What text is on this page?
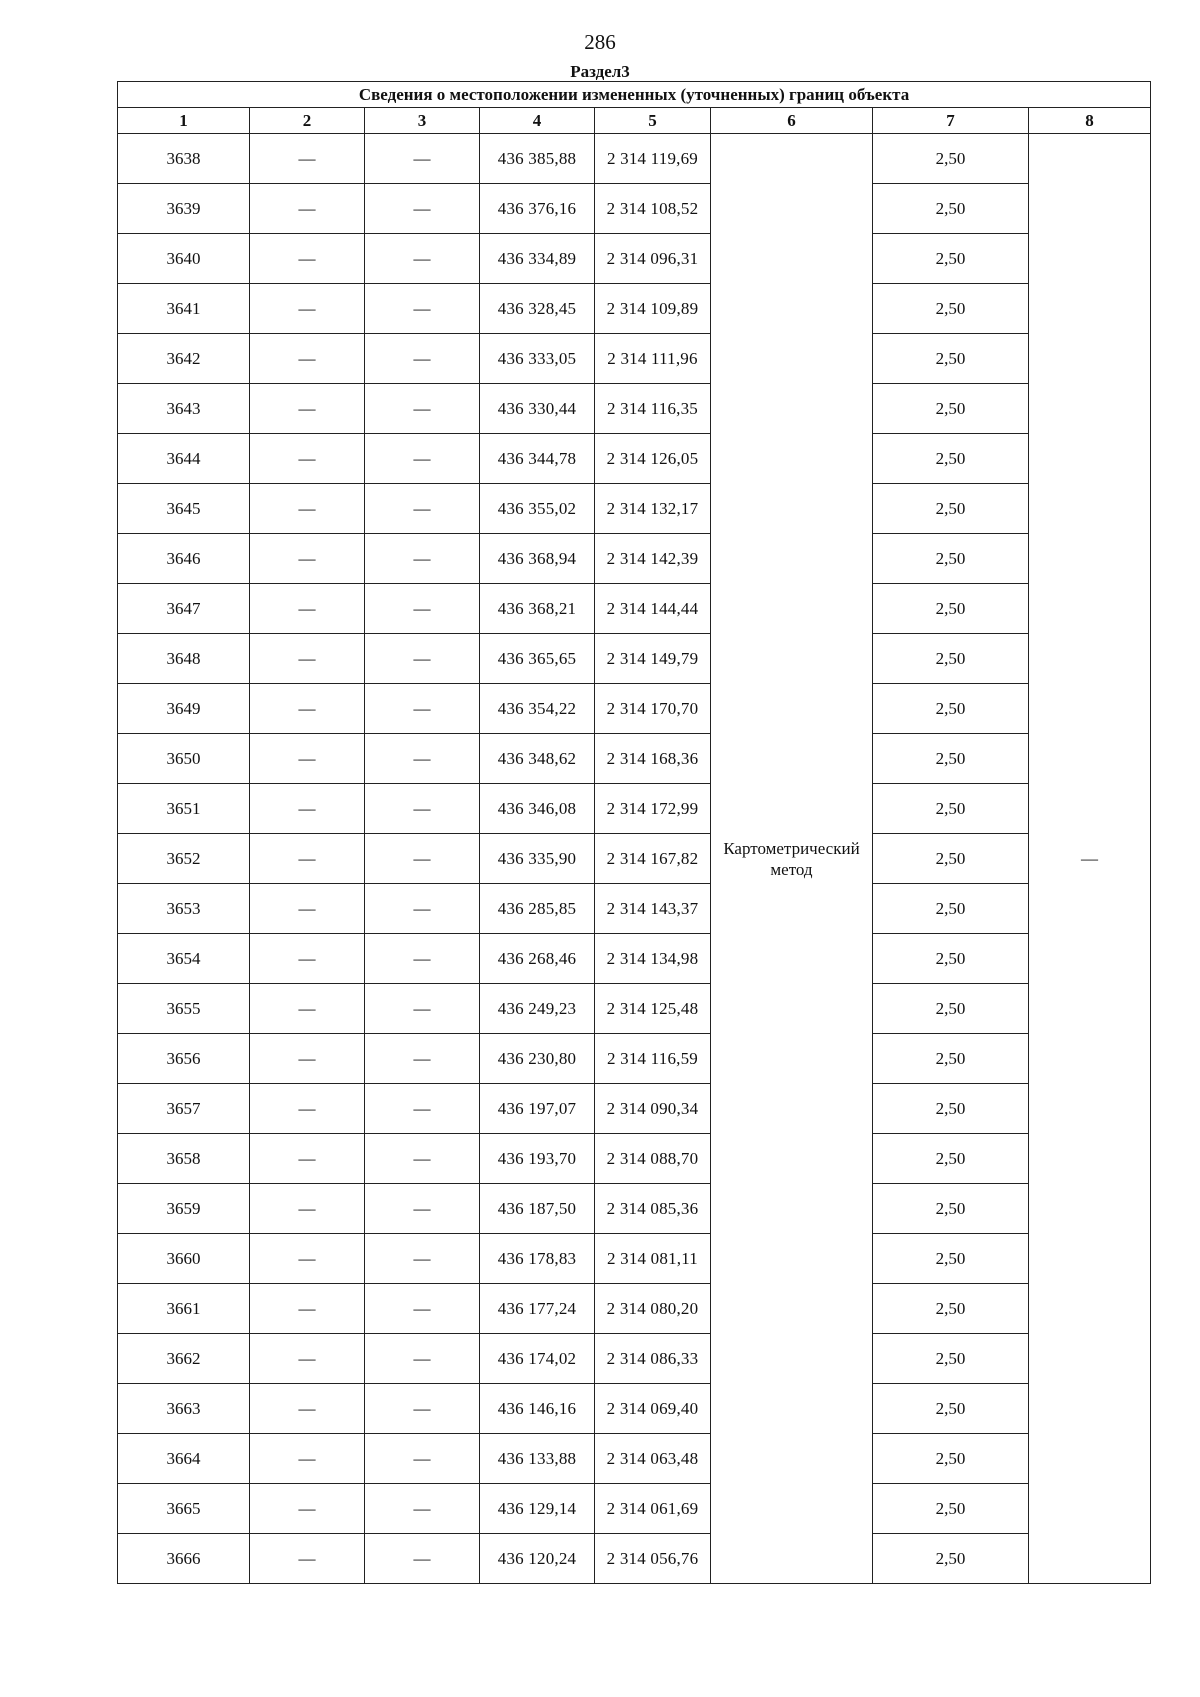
286
Раздел3
Сведения о местоположении измененных (уточненных) границ объекта							
1	2	3	4	5	6	7	8
3638	—	—	436 385,88	2 314 119,69	Картометрический метод	2,50	—
3639	—	—	436 376,16	2 314 108,52		2,50	
3640	—	—	436 334,89	2 314 096,31		2,50	
3641	—	—	436 328,45	2 314 109,89		2,50	
3642	—	—	436 333,05	2 314 111,96		2,50	
3643	—	—	436 330,44	2 314 116,35		2,50	
3644	—	—	436 344,78	2 314 126,05		2,50	
3645	—	—	436 355,02	2 314 132,17		2,50	
3646	—	—	436 368,94	2 314 142,39		2,50	
3647	—	—	436 368,21	2 314 144,44		2,50	
3648	—	—	436 365,65	2 314 149,79		2,50	
3649	—	—	436 354,22	2 314 170,70		2,50	
3650	—	—	436 348,62	2 314 168,36		2,50	
3651	—	—	436 346,08	2 314 172,99		2,50	
3652	—	—	436 335,90	2 314 167,82		2,50	
3653	—	—	436 285,85	2 314 143,37		2,50	
3654	—	—	436 268,46	2 314 134,98		2,50	
3655	—	—	436 249,23	2 314 125,48		2,50	
3656	—	—	436 230,80	2 314 116,59		2,50	
3657	—	—	436 197,07	2 314 090,34		2,50	
3658	—	—	436 193,70	2 314 088,70		2,50	
3659	—	—	436 187,50	2 314 085,36		2,50	
3660	—	—	436 178,83	2 314 081,11		2,50	
3661	—	—	436 177,24	2 314 080,20		2,50	
3662	—	—	436 174,02	2 314 086,33		2,50	
3663	—	—	436 146,16	2 314 069,40		2,50	
3664	—	—	436 133,88	2 314 063,48		2,50	
3665	—	—	436 129,14	2 314 061,69		2,50	
3666	—	—	436 120,24	2 314 056,76		2,50	
